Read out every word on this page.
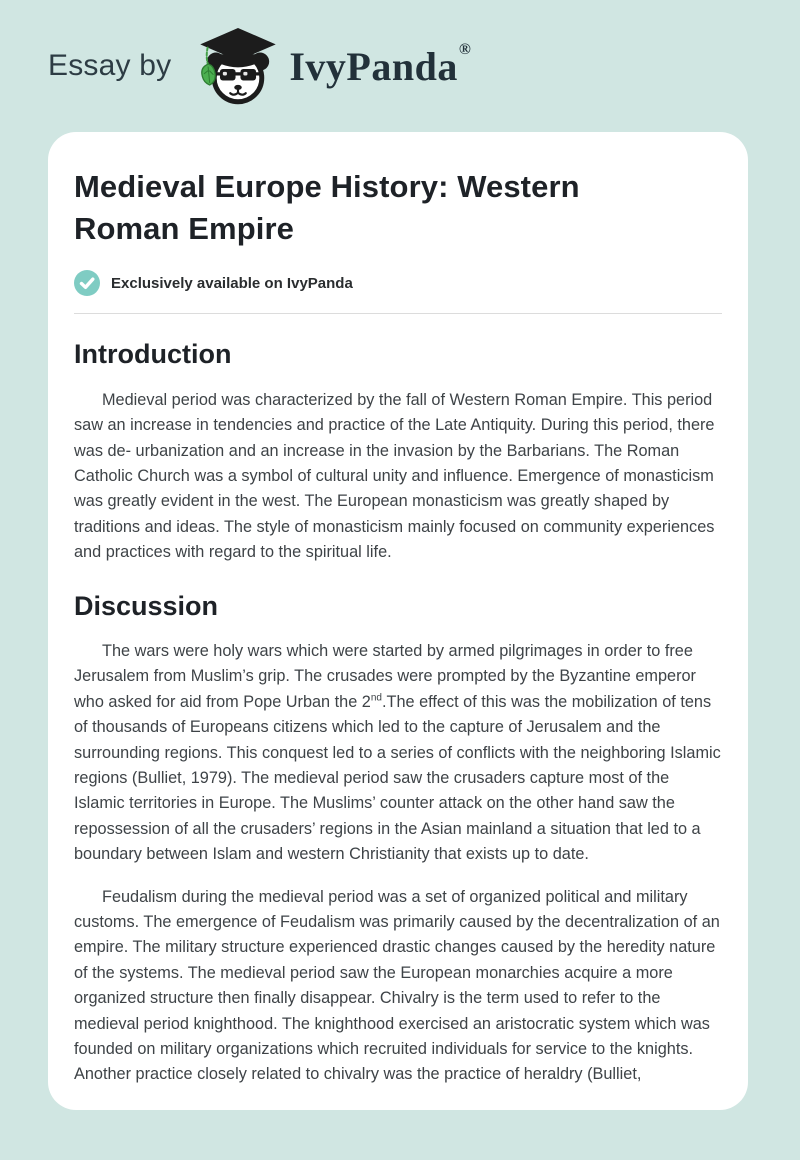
Essay by	IvyPanda ®
Medieval Europe History: Western Roman Empire
Exclusively available on IvyPanda
Introduction

Medieval period was characterized by the fall of Western Roman Empire. This period saw an increase in tendencies and practice of the Late Antiquity. During this period, there was de- urbanization and an increase in the invasion by the Barbarians. The Roman Catholic Church was a symbol of cultural unity and influence. Emergence of monasticism was greatly evident in the west. The European monasticism was greatly shaped by traditions and ideas. The style of monasticism mainly focused on community experiences and practices with regard to the spiritual life.

Discussion

The wars were holy wars which were started by armed pilgrimages in order to free Jerusalem from Muslim’s grip. The crusades were prompted by the Byzantine emperor who asked for aid from Pope Urban the 2nd.The effect of this was the mobilization of tens of thousands of Europeans citizens which led to the capture of Jerusalem and the surrounding regions. This conquest led to a series of conflicts with the neighboring Islamic regions (Bulliet, 1979). The medieval period saw the crusaders capture most of the Islamic territories in Europe. The Muslims’ counter attack on the other hand saw the repossession of all the crusaders’ regions in the Asian mainland a situation that led to a boundary between Islam and western Christianity that exists up to date.

Feudalism during the medieval period was a set of organized political and military customs. The emergence of Feudalism was primarily caused by the decentralization of an empire. The military structure experienced drastic changes caused by the heredity nature of the systems. The medieval period saw the European monarchies acquire a more organized structure then finally disappear. Chivalry is the term used to refer to the medieval period knighthood. The knighthood exercised an aristocratic system which was founded on military organizations which recruited individuals for service to the knights. Another practice closely related to chivalry was the practice of heraldry (Bulliet,
